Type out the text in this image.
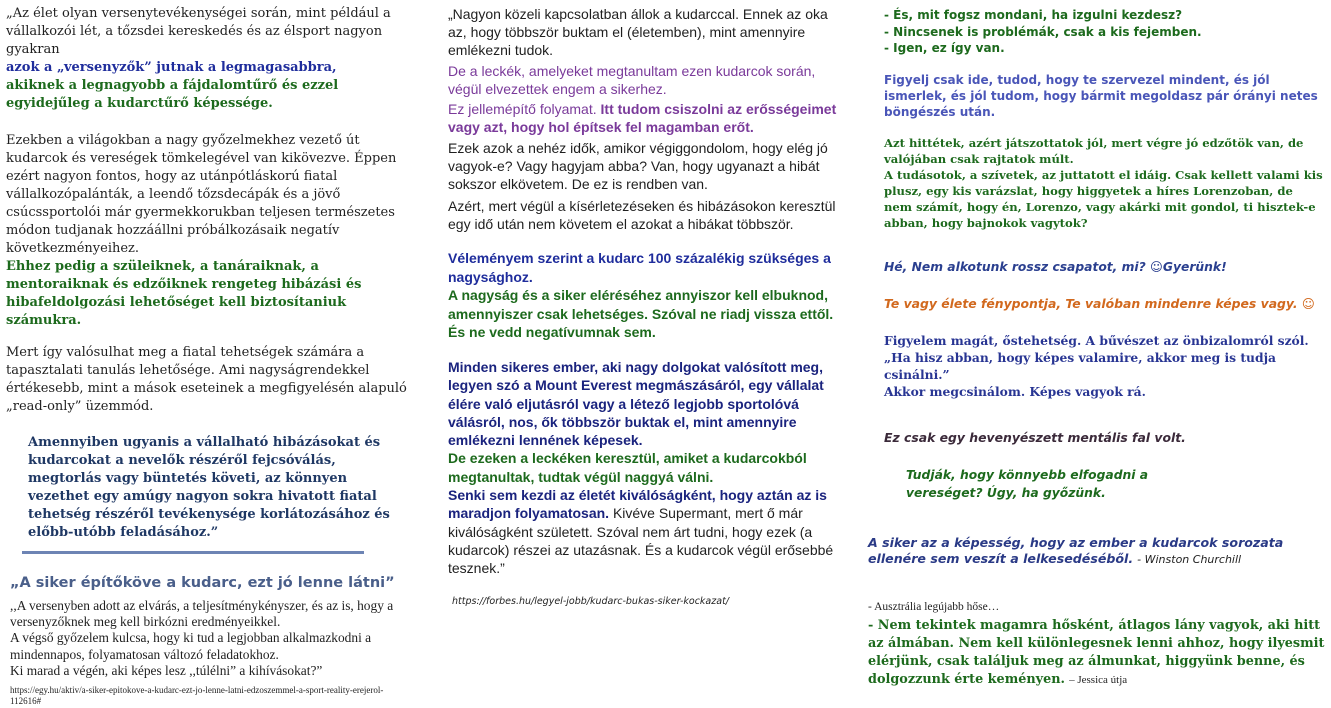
„Az élet olyan versenytevékenységei során, mint például a vállalkozói lét, a tőzsdei kereskedés és az élsport nagyon gyakran
azok a „versenyzők” jutnak a legmagasabbra,
akiknek a legnagyobb a fájdalomtűrő és ezzel egyidejűleg a kudarctűrő képessége.

Ezekben a világokban a nagy győzelmekhez vezető út kudarcok és vereségek tömkelegével van kikövezve. Éppen ezért nagyon fontos, hogy az utánpótláskorú fiatal vállalkozópalánták, a leendő tőzsdecápák és a jövő csúcssportolói már gyermekkorukban teljesen természetes módon tudjanak hozzáállni próbálkozásaik negatív következményeihez.
Ehhez pedig a szüleiknek, a tanáraiknak, a mentoraiknak és edzőiknek rengeteg hibázási és hibafeldolgozási lehetőséget kell biztosítaniuk számukra.

Mert így valósulhat meg a fiatal tehetségek számára a tapasztalati tanulás lehetősége. Ami nagyságrendekkel értékesebb, mint a mások eseteinek a megfigyelésén alapuló „read-only” üzemmód.

Amennyiben ugyanis a vállalható hibázásokat és kudarcokat a nevelők részéről fejcsóválás, megtorlás vagy büntetés követi, az könnyen vezethet egy amúgy nagyon sokra hivatott fiatal tehetség részéről tevékenysége korlátozásához és előbb-utóbb feladásához.”

„A siker építőköve a kudarc, ezt jó lenne látni”

,,A versenyben adott az elvárás, a teljesítménykényszer, és az is, hogy a versenyzőknek meg kell birkózni eredményeikkel.
A végső győzelem kulcsa, hogy ki tud a legjobban alkalmazkodni a mindennapos, folyamatosan változó feladatokhoz.
Ki marad a végén, aki képes lesz ,,túlélni” a kihívásokat?”

https://egy.hu/aktiv/a-siker-epitokove-a-kudarc-ezt-jo-lenne-latni-edzoszemmel-a-sport-reality-erejerol-112616#

„Nagyon közeli kapcsolatban állok a kudarccal. Ennek az oka az, hogy többször buktam el (életemben), mint amennyire emlékezni tudok.

De a leckék, amelyeket megtanultam ezen kudarcok során, végül elvezettek engem a sikerhez.

Ez jellemépítő folyamat. Itt tudom csiszolni az erősségeimet vagy azt, hogy hol építsek fel magamban erőt.

Ezek azok a nehéz idők, amikor végiggondolom, hogy elég jó vagyok-e? Vagy hagyjam abba? Van, hogy ugyanazt a hibát sokszor elkövetem. De ez is rendben van.

Azért, mert végül a kísérletezéseken és hibázásokon keresztül egy idő után nem követem el azokat a hibákat többször.

Véleményem szerint a kudarc 100 százalékig szükséges a nagysághoz.
A nagyság és a siker eléréséhez annyiszor kell elbuknod, amennyiszer csak lehetséges. Szóval ne riadj vissza ettől. És ne vedd negatívumnak sem.

Minden sikeres ember, aki nagy dolgokat valósított meg, legyen szó a Mount Everest megmászásáról, egy vállalat élére való eljutásról vagy a létező legjobb sportolóvá válásról, nos, ők többször buktak el, mint amennyire emlékezni lennének képesek.
De ezeken a leckéken keresztül, amiket a kudarcokból megtanultak, tudtak végül naggyá válni.
Senki sem kezdi az életét kiválóságként, hogy aztán az is maradjon folyamatosan. Kivéve Supermant, mert ő már kiválóságként született. Szóval nem árt tudni, hogy ezek (a kudarcok) részei az utazásnak. És a kudarcok végül erősebbé tesznek.”

https://forbes.hu/legyel-jobb/kudarc-bukas-siker-kockazat/

- És, mit fogsz mondani, ha izgulni kezdesz?
- Nincsenek is problémák, csak a kis fejemben.
- Igen, ez így van.

Figyelj csak ide, tudod, hogy te szervezel mindent, és jól ismerlek, és jól tudom, hogy bármit megoldasz pár órányi netes böngészés után.

Azt hittétek, azért játszottatok jól, mert végre jó edzőtök van, de valójában csak rajtatok múlt.
A tudásotok, a szívetek, az juttatott el idáig. Csak kellett valami kis plusz, egy kis varázslat, hogy higgyetek a híres Lorenzoban, de nem számít, hogy én, Lorenzo, vagy akárki mit gondol, ti hisztek-e abban, hogy bajnokok vagytok?

Hé, Nem alkotunk rossz csapatot, mi? ☺Gyerünk!

Te vagy élete fénypontja, Te valóban mindenre képes vagy. ☺

Figyelem magát, őstehetség. A bűvészet az önbizalomról szól.
„Ha hisz abban, hogy képes valamire, akkor meg is tudja csinálni.”
Akkor megcsinálom. Képes vagyok rá.

Ez csak egy hevenyészett mentális fal volt.

Tudják, hogy könnyebb elfogadni a vereséget? Úgy, ha győzünk.

A siker az a képesség, hogy az ember a kudarcok sorozata ellenére sem veszít a lelkesedéséből. - Winston Churchill

- Ausztrália legújabb hőse…

- Nem tekintek magamra hősként, átlagos lány vagyok, aki hitt az álmában. Nem kell különlegesnek lenni ahhoz, hogy ilyesmit elérjünk, csak találjuk meg az álmunkat, higgyünk benne, és dolgozzunk érte keményen. – Jessica útja
